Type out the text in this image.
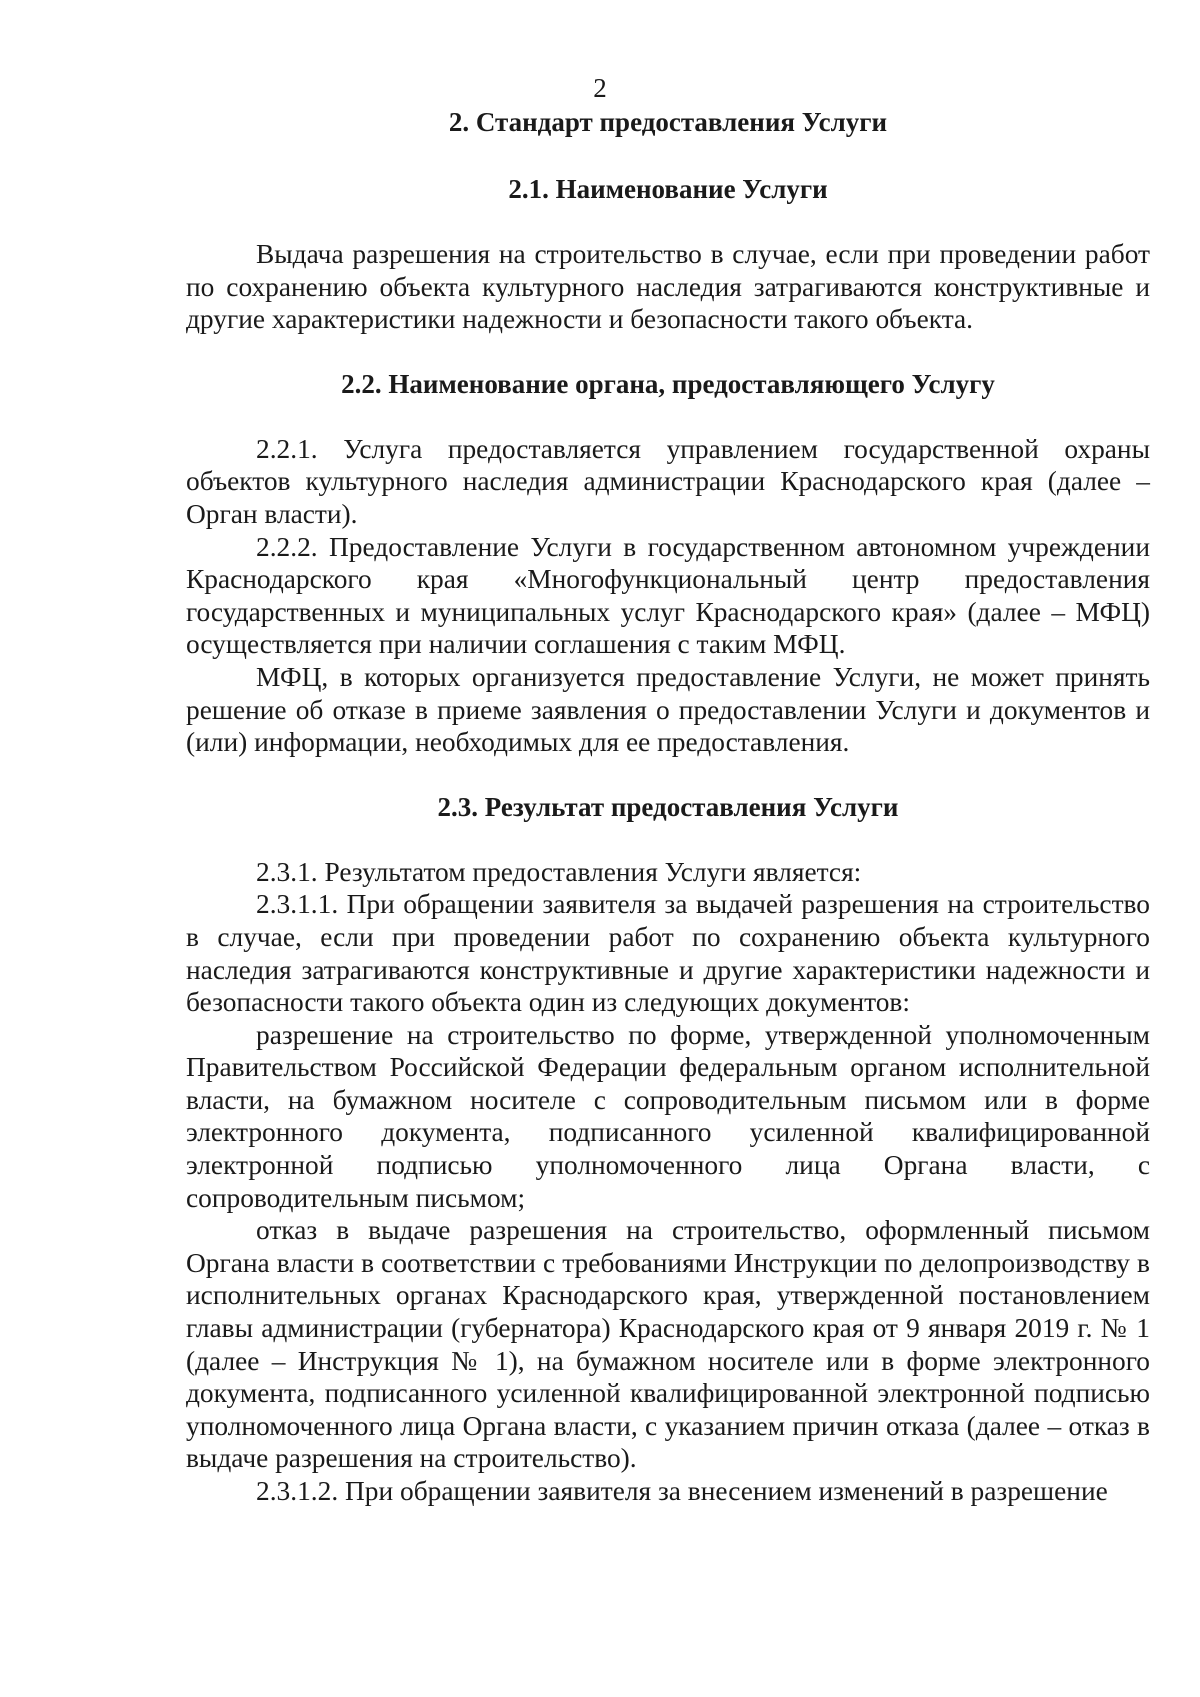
2
2. Стандарт предоставления Услуги
2.1. Наименование Услуги

Выдача разрешения на строительство в случае, если при проведении работ по сохранению объекта культурного наследия затрагиваются конструктивные и другие характеристики надежности и безопасности такого объекта.

2.2. Наименование органа, предоставляющего Услугу

2.2.1. Услуга предоставляется управлением государственной охраны объектов культурного наследия администрации Краснодарского края (далее – Орган власти).

2.2.2. Предоставление Услуги в государственном автономном учреждении Краснодарского края «Многофункциональный центр предоставления государственных и муниципальных услуг Краснодарского края» (далее – МФЦ) осуществляется при наличии соглашения с таким МФЦ.

МФЦ, в которых организуется предоставление Услуги, не может принять решение об отказе в приеме заявления о предоставлении Услуги и документов и (или) информации, необходимых для ее предоставления.

2.3. Результат предоставления Услуги

2.3.1. Результатом предоставления Услуги является:

2.3.1.1. При обращении заявителя за выдачей разрешения на строительство в случае, если при проведении работ по сохранению объекта культурного наследия затрагиваются конструктивные и другие характеристики надежности и безопасности такого объекта один из следующих документов:

разрешение на строительство по форме, утвержденной уполномоченным Правительством Российской Федерации федеральным органом исполнительной власти, на бумажном носителе с сопроводительным письмом или в форме электронного документа, подписанного усиленной квалифицированной электронной подписью уполномоченного лица Органа власти, с сопроводительным письмом;

отказ в выдаче разрешения на строительство, оформленный письмом Органа власти в соответствии с требованиями Инструкции по делопроизводству в исполнительных органах Краснодарского края, утвержденной постановлением главы администрации (губернатора) Краснодарского края от 9 января 2019 г. № 1 (далее – Инструкция № 1), на бумажном носителе или в форме электронного документа, подписанного усиленной квалифицированной электронной подписью уполномоченного лица Органа власти, с указанием причин отказа (далее – отказ в выдаче разрешения на строительство).

2.3.1.2. При обращении заявителя за внесением изменений в разрешение
